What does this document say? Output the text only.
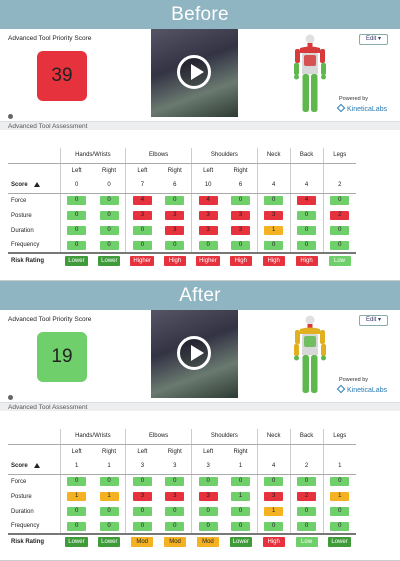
Before
Advanced Tool Priority Score
39
Edit ▾
Powered by
KineticaLabs
Advanced Tool Assessment
	Hands/Wrists		Elbows		Shoulders		Neck	Back	Legs
	Left	Right	Left	Right	Left	Right			
Score	0	0	7	6	10	6	4	4	2
Force	0	0	4	0	4	0	0	4	0
Posture	0	0	3	3	3	3	3	0	2
Duration	0	0	0	3	3	3	1	0	0
Frequency	0	0	0	0	0	0	0	0	0
Risk Rating	Lower	Lower	Higher	High	Higher	High	High	High	Low
After
Advanced Tool Priority Score
19
Edit ▾
Powered by
KineticaLabs
Advanced Tool Assessment
	Hands/Wrists		Elbows		Shoulders		Neck	Back	Legs
	Left	Right	Left	Right	Left	Right			
Score	1	1	3	3	3	1	4	2	1
Force	0	0	0	0	0	0	0	0	0
Posture	1	1	3	3	3	1	3	2	1
Duration	0	0	0	0	0	0	1	0	0
Frequency	0	0	0	0	0	0	0	0	0
Risk Rating	Lower	Lower	Mod	Mod	Mod	Lower	High	Low	Lower
